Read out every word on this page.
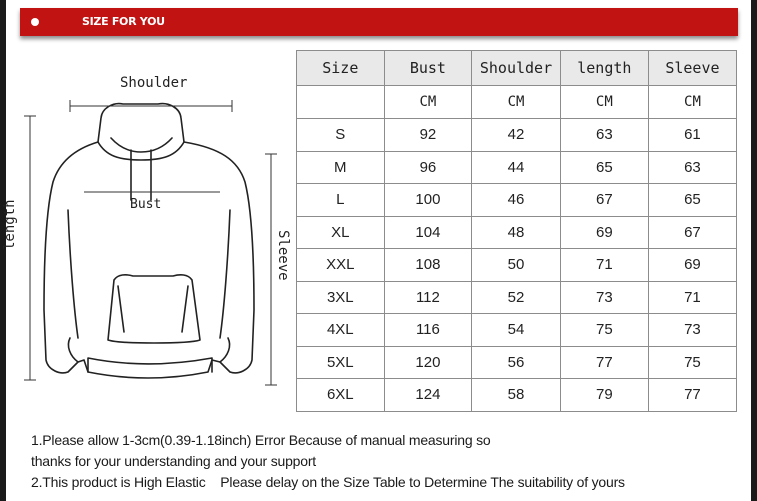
SIZE FOR YOU
Shoulder
Bust
length
Sleeve
Size	Bust	Shoulder	length	Sleeve
	CM	CM	CM	CM
S	92	42	63	61
M	96	44	65	63
L	100	46	67	65
XL	104	48	69	67
XXL	108	50	71	69
3XL	112	52	73	71
4XL	116	54	75	73
5XL	120	56	77	75
6XL	124	58	79	77
1.Please allow 1-3cm(0.39-1.18inch) Error Because of manual measuring so
thanks for your understanding and your support
2.This product is High Elastic    Please delay on the Size Table to Determine The suitability of yours
